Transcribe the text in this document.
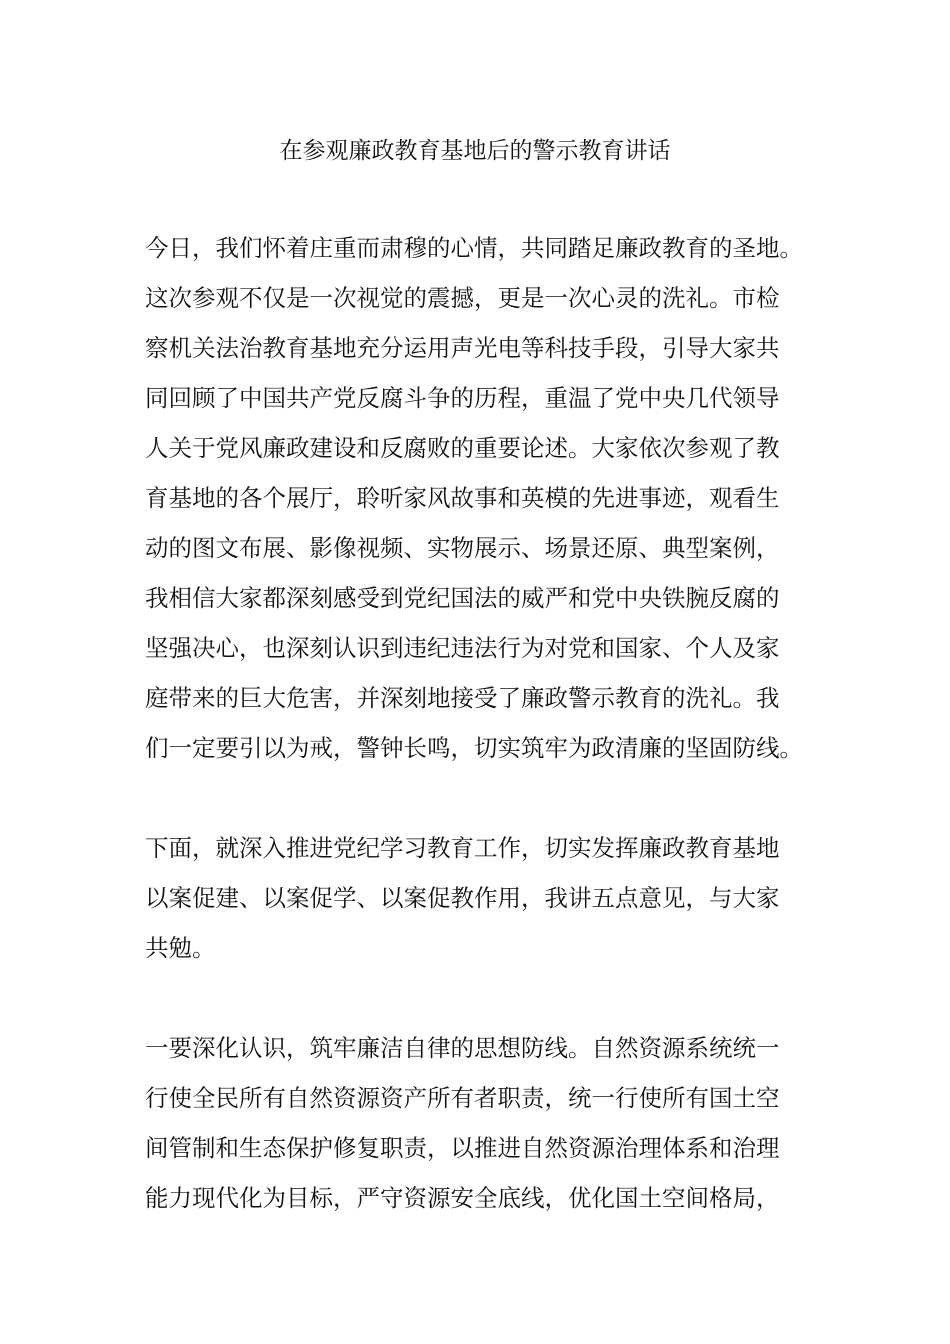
在参观廉政教育基地后的警示教育讲话
今日，我们怀着庄重而肃穆的心情，共同踏足廉政教育的圣地。
这次参观不仅是一次视觉的震撼，更是一次心灵的洗礼。市检
察机关法治教育基地充分运用声光电等科技手段，引导大家共
同回顾了中国共产党反腐斗争的历程，重温了党中央几代领导
人关于党风廉政建设和反腐败的重要论述。大家依次参观了教
育基地的各个展厅，聆听家风故事和英模的先进事迹，观看生
动的图文布展、影像视频、实物展示、场景还原、典型案例，
我相信大家都深刻感受到党纪国法的威严和党中央铁腕反腐的
坚强决心，也深刻认识到违纪违法行为对党和国家、个人及家
庭带来的巨大危害，并深刻地接受了廉政警示教育的洗礼。我
们一定要引以为戒，警钟长鸣，切实筑牢为政清廉的坚固防线。
下面，就深入推进党纪学习教育工作，切实发挥廉政教育基地
以案促建、以案促学、以案促教作用，我讲五点意见，与大家
共勉。
一要深化认识，筑牢廉洁自律的思想防线。自然资源系统统一
行使全民所有自然资源资产所有者职责，统一行使所有国土空
间管制和生态保护修复职责，以推进自然资源治理体系和治理
能力现代化为目标，严守资源安全底线，优化国土空间格局，
